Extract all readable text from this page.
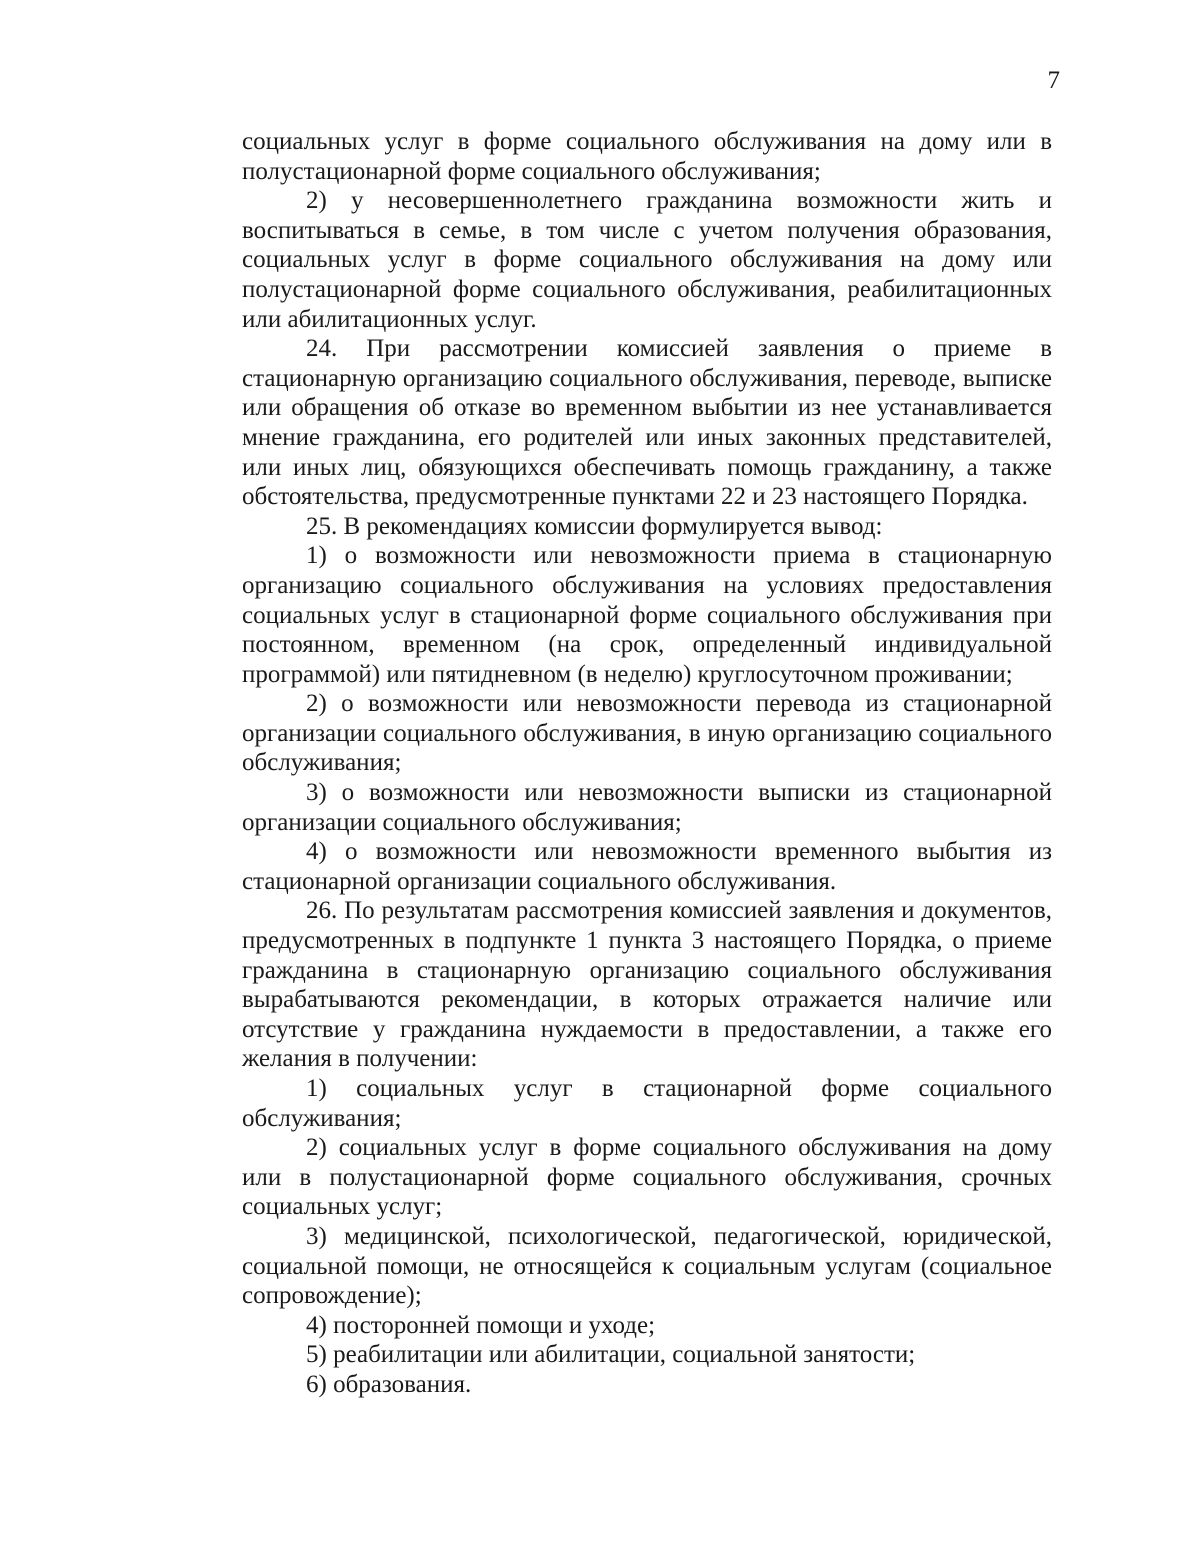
7

социальных услуг в форме социального обслуживания на дому или в полустационарной форме социального обслуживания;

2) у несовершеннолетнего гражданина возможности жить и воспитываться в семье, в том числе с учетом получения образования, социальных услуг в форме социального обслуживания на дому или полустационарной форме социального обслуживания, реабилитационных или абилитационных услуг.

24. При рассмотрении комиссией заявления о приеме в стационарную организацию социального обслуживания, переводе, выписке или обращения об отказе во временном выбытии из нее устанавливается мнение гражданина, его родителей или иных законных представителей, или иных лиц, обязующихся обеспечивать помощь гражданину, а также обстоятельства, предусмотренные пунктами 22 и 23 настоящего Порядка.

25. В рекомендациях комиссии формулируется вывод:

1) о возможности или невозможности приема в стационарную организацию социального обслуживания на условиях предоставления социальных услуг в стационарной форме социального обслуживания при постоянном, временном (на срок, определенный индивидуальной программой) или пятидневном (в неделю) круглосуточном проживании;

2) о возможности или невозможности перевода из стационарной организации социального обслуживания, в иную организацию социального обслуживания;

3) о возможности или невозможности выписки из стационарной организации социального обслуживания;

4) о возможности или невозможности временного выбытия из стационарной организации социального обслуживания.

26. По результатам рассмотрения комиссией заявления и документов, предусмотренных в подпункте 1 пункта 3 настоящего Порядка, о приеме гражданина в стационарную организацию социального обслуживания вырабатываются рекомендации, в которых отражается наличие или отсутствие у гражданина нуждаемости в предоставлении, а также его желания в получении:

1) социальных услуг в стационарной форме социального обслуживания;

2) социальных услуг в форме социального обслуживания на дому или в полустационарной форме социального обслуживания, срочных социальных услуг;

3) медицинской, психологической, педагогической, юридической, социальной помощи, не относящейся к социальным услугам (социальное сопровождение);

4) посторонней помощи и уходе;

5) реабилитации или абилитации, социальной занятости;

6) образования.
